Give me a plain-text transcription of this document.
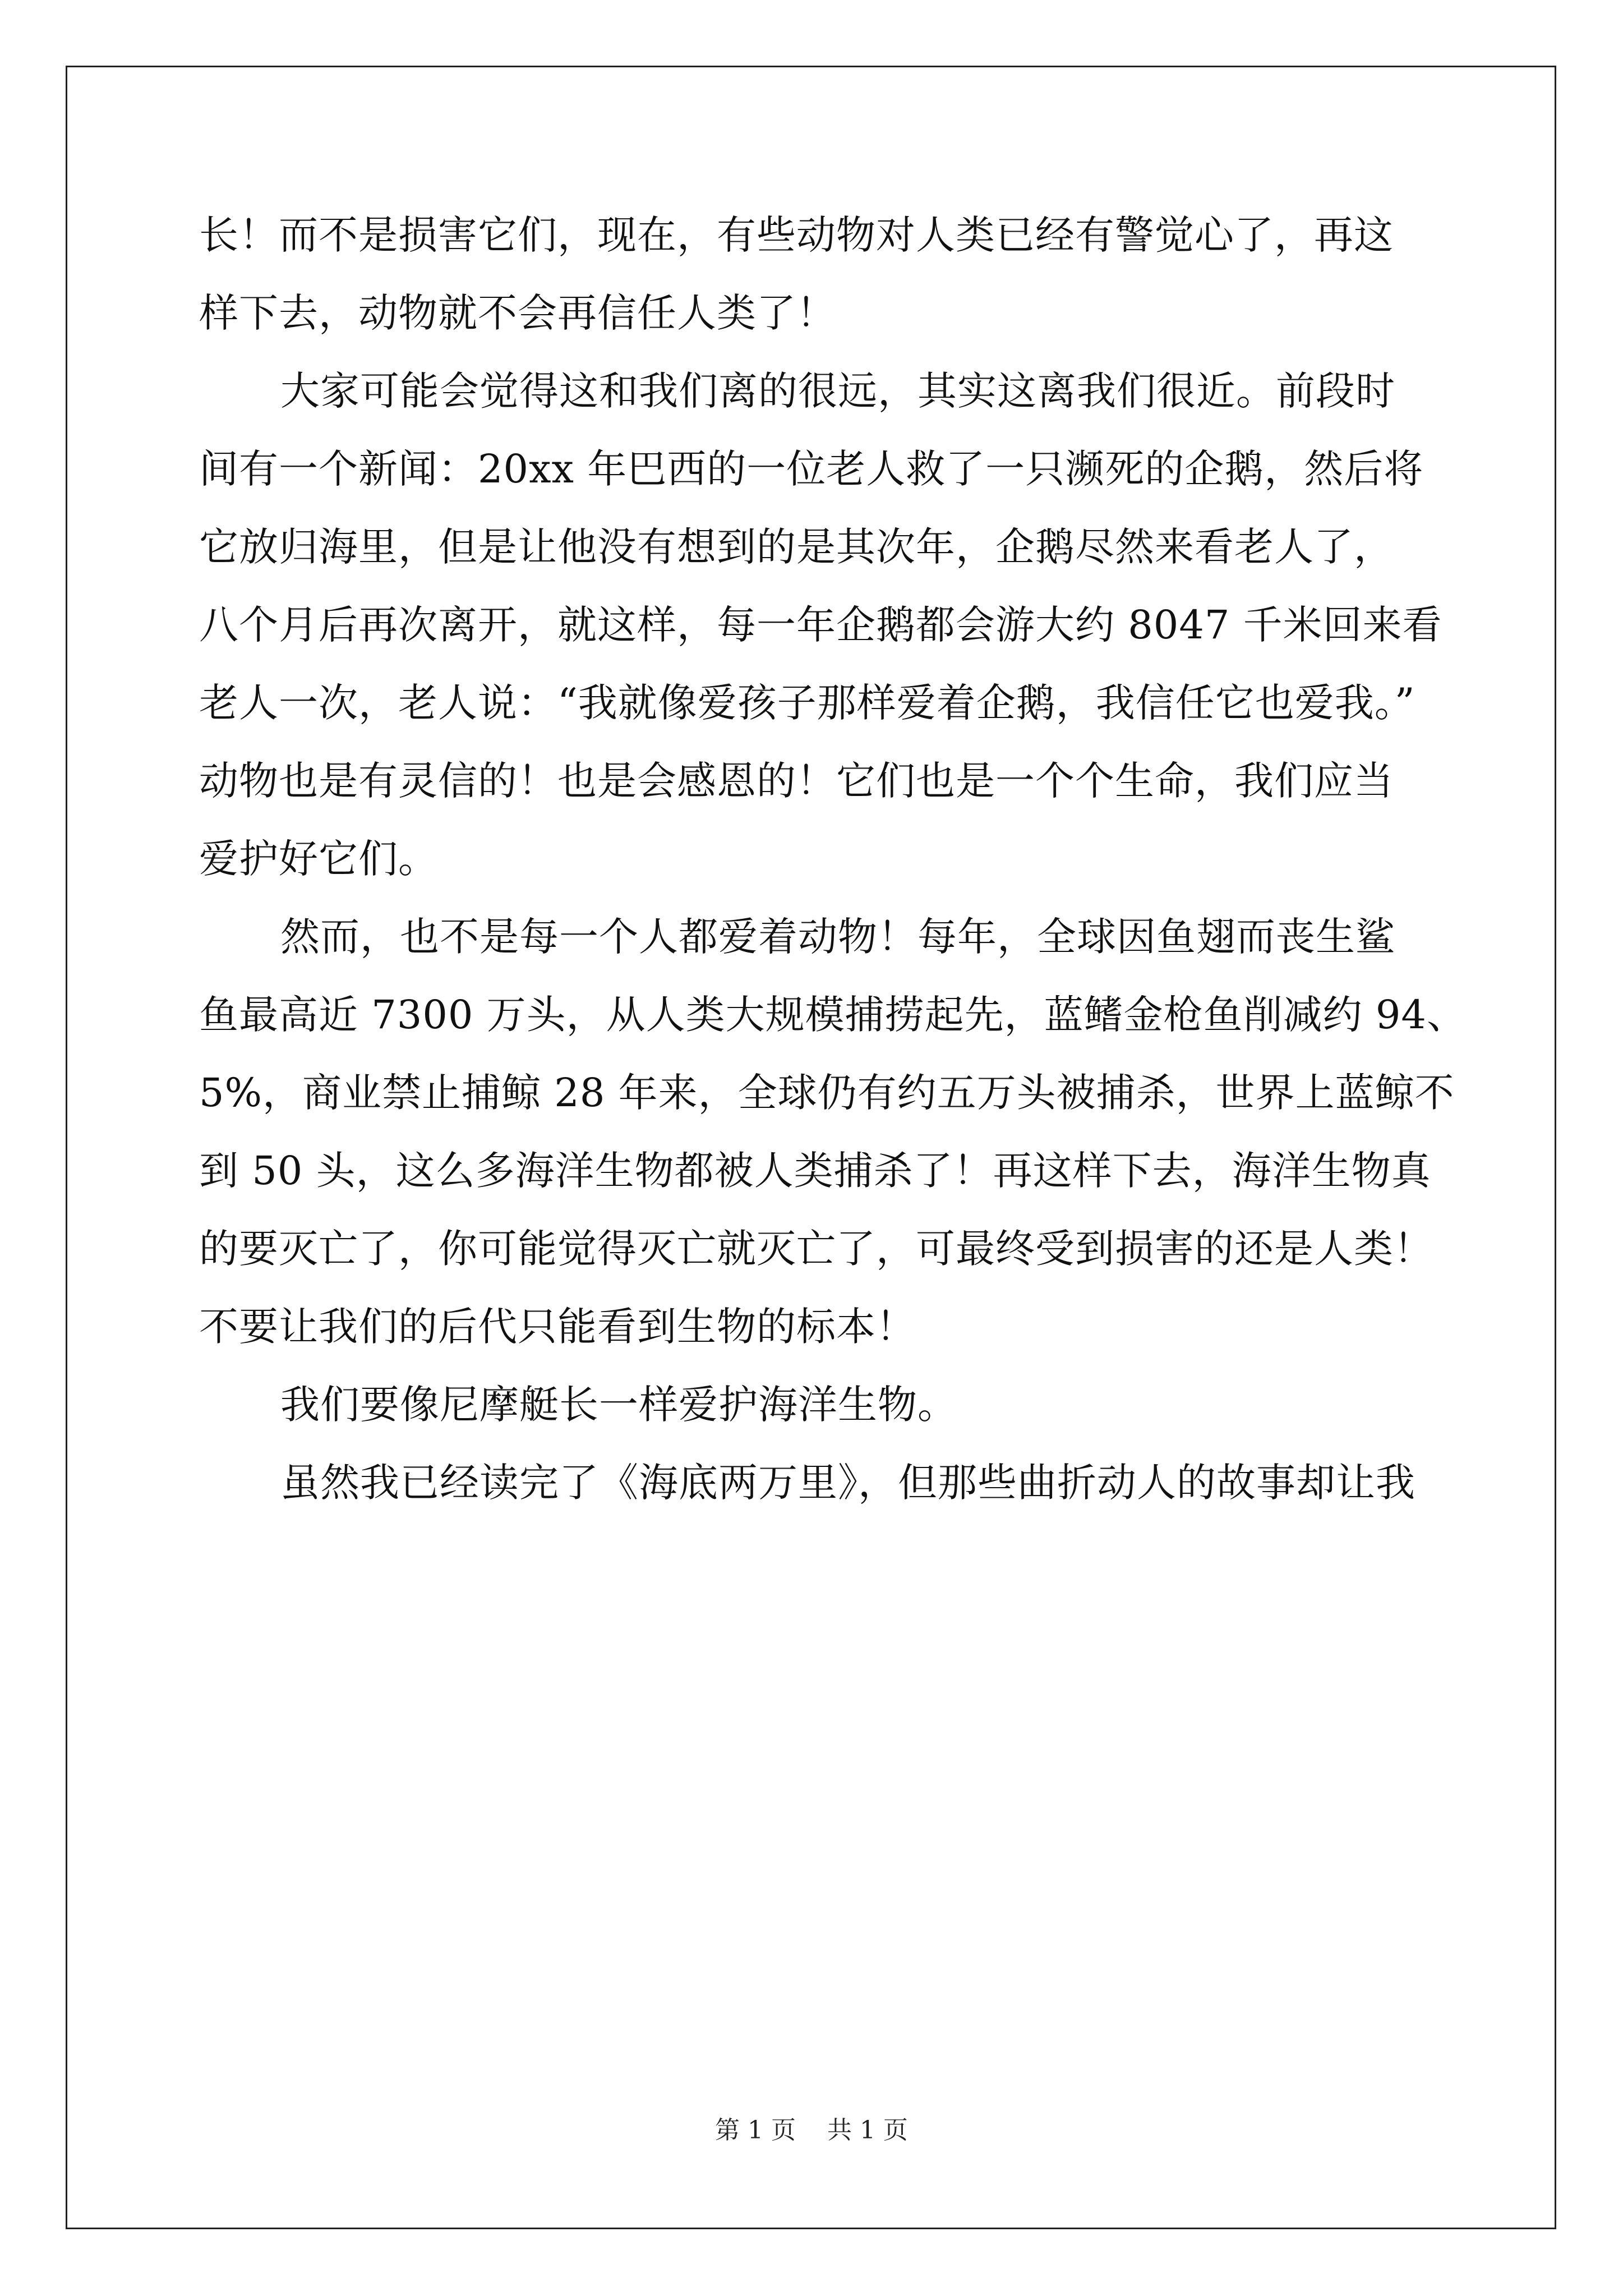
长！而不是损害它们，现在，有些动物对人类已经有警觉心了，再这
样下去，动物就不会再信任人类了！
大家可能会觉得这和我们离的很远，其实这离我们很近。前段时
间有一个新闻：20xx 年巴西的一位老人救了一只濒死的企鹅，然后将
它放归海里，但是让他没有想到的是其次年，企鹅尽然来看老人了，
八个月后再次离开，就这样，每一年企鹅都会游大约 8047 千米回来看
老人一次，老人说：“我就像爱孩子那样爱着企鹅，我信任它也爱我。”
动物也是有灵信的！也是会感恩的！它们也是一个个生命，我们应当
爱护好它们。
然而，也不是每一个人都爱着动物！每年，全球因鱼翅而丧生鲨
鱼最高近 7300 万头，从人类大规模捕捞起先，蓝鳍金枪鱼削减约 94、
5%，商业禁止捕鲸 28 年来，全球仍有约五万头被捕杀，世界上蓝鲸不
到 50 头，这么多海洋生物都被人类捕杀了！再这样下去，海洋生物真
的要灭亡了，你可能觉得灭亡就灭亡了，可最终受到损害的还是人类！
不要让我们的后代只能看到生物的标本！
我们要像尼摩艇长一样爱护海洋生物。
虽然我已经读完了《海底两万里》，但那些曲折动人的故事却让我
第 1 页    共 1 页
